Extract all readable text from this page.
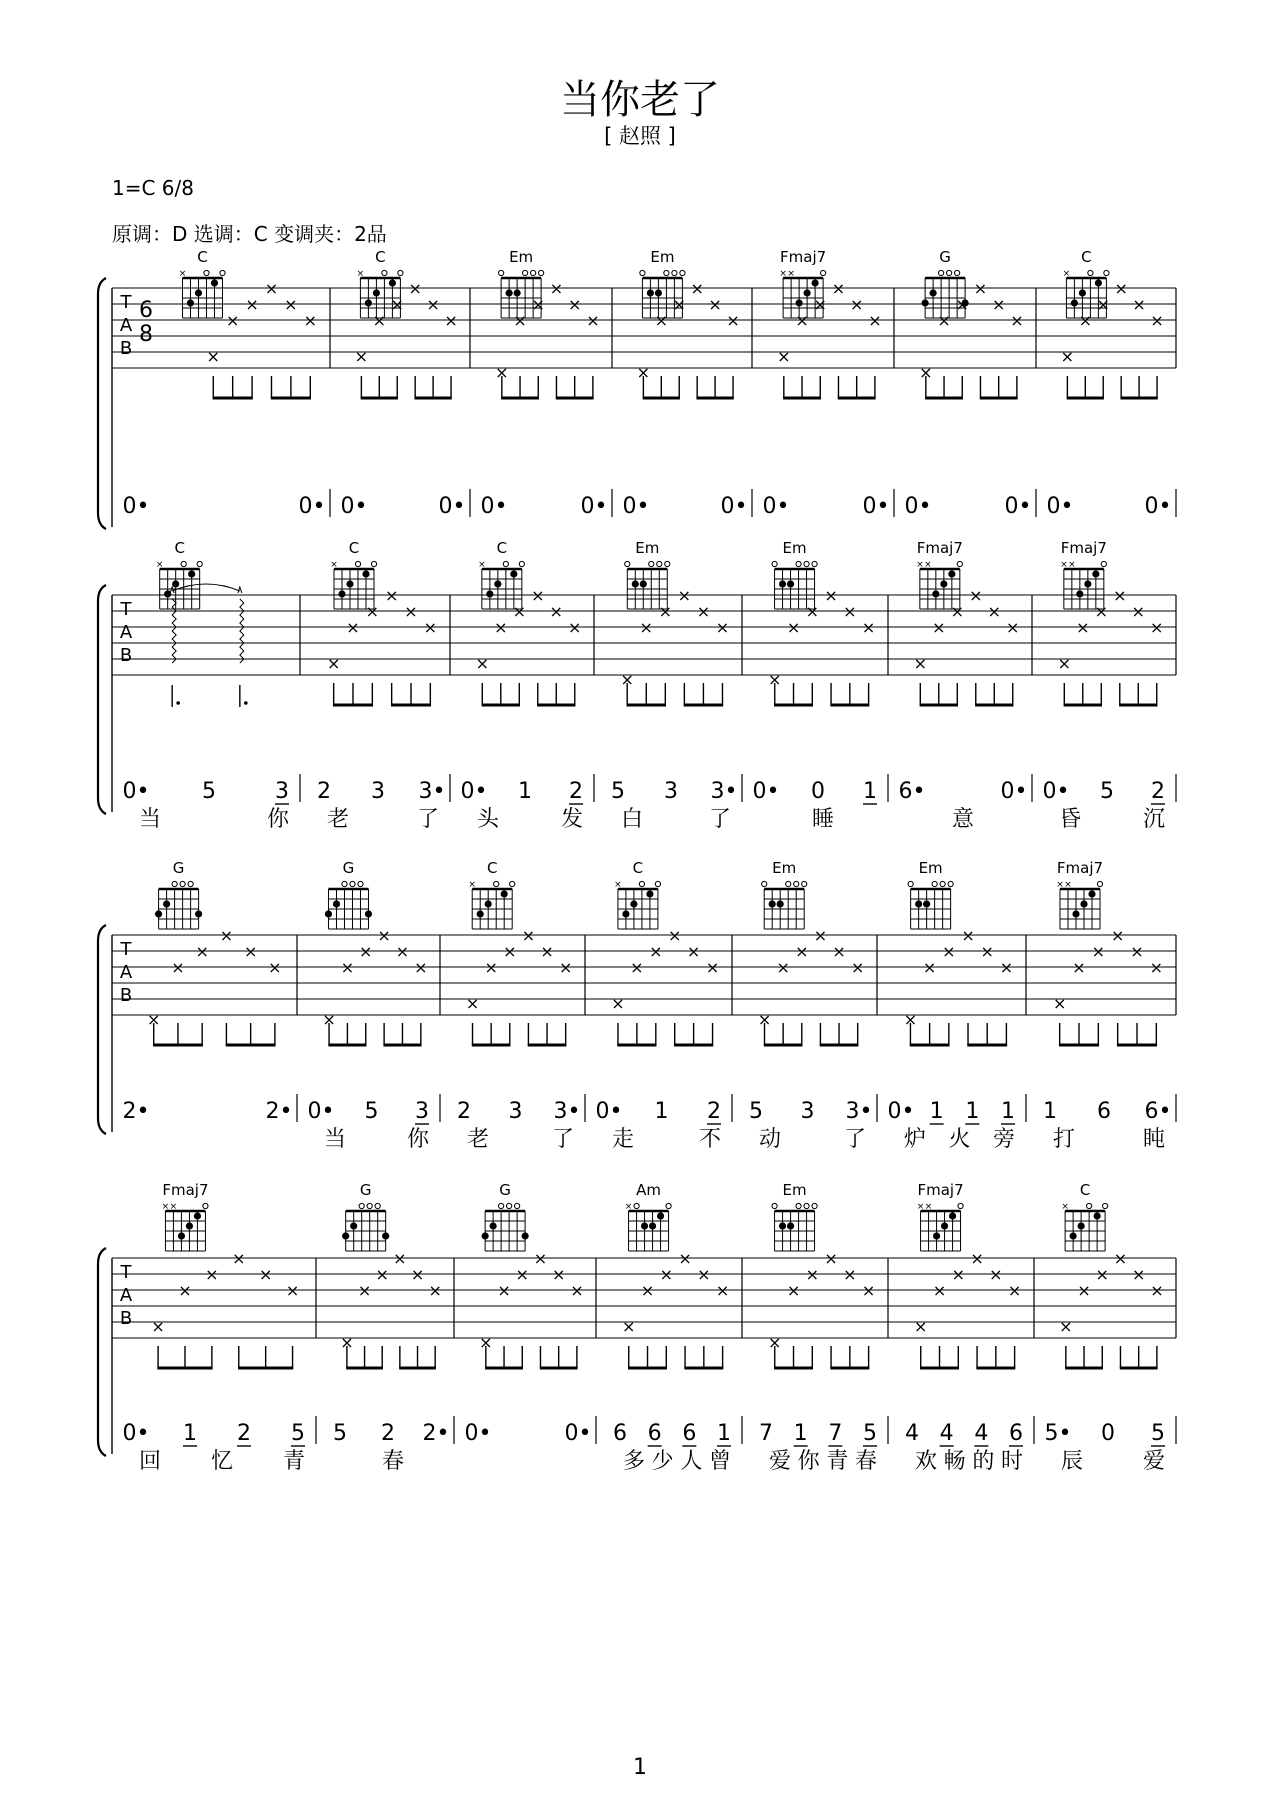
当你老了
[ 赵照 ]
1=C 6/8
原调：D 选调：C 变调夹：2品
T
A
B
6
8
C
×
×
×
×
×
×
×
0•	0•
C
×
×
×
×
×
×
×
0•	0•
Em
×
×
×
×
×
×
0•	0•
Em
×
×
×
×
×
×
0•	0•
Fmaj7
× ×
×
×
×
×
×
×
0•	0•
G
×
×
×
×
×
×
0•	0•
C
×
×
×
×
×
×
×
0•	0•
T
A
B
C
×
0• 5	3
当	你
C
×
×
×
×
×
×
×
2 3 3•
老	了
C
×
×
×
×
×
×
×
0• 1 2
头	发
Em
×
×
×
×
×
×
5 3 3•
白	了
Em
×
×
×
×
×
×
0• 0 1
睡
Fmaj7
× ×
×
×
×
×
×
×
6•	0•
意
Fmaj7
× ×
×
×
×
×
×
×
0• 5 2
昏	沉
T
A
B
G
×
×
×
×
×
×
2•	2•
G
×
×
×
×
×
×
0• 5 3
当	你
C
×
×
×
×
×
×
×
2 3 3•
老	了
C
×
×
×
×
×
×
×
0• 1 2
走	不
Em
×
×
×
×
×
×
5 3 3•
动	了
Em
×
×
×
×
×
×
0• 1 1 1
炉 火 旁
Fmaj7
× ×
×
×
×
×
×
×
1 6 6•
打	盹
T
A
B
Fmaj7
× ×
×
×
×
×
×
×
0• 1 2 5
回 忆 青
G
×
×
×
×
×
×
5 2 2•
春
G
×
×
×
×
×
×
0•	0•
Am
×
×
×
×
×
×
×
6 6 6 1
多 少 人 曾
Em
×
×
×
×
×
×
7 1 7 5
爱 你 青 春
Fmaj7
× ×
×
×
×
×
×
×
4 4 4 6
欢 畅 的 时
C
×
×
×
×
×
×
×
5• 0 5
辰	爱
1
